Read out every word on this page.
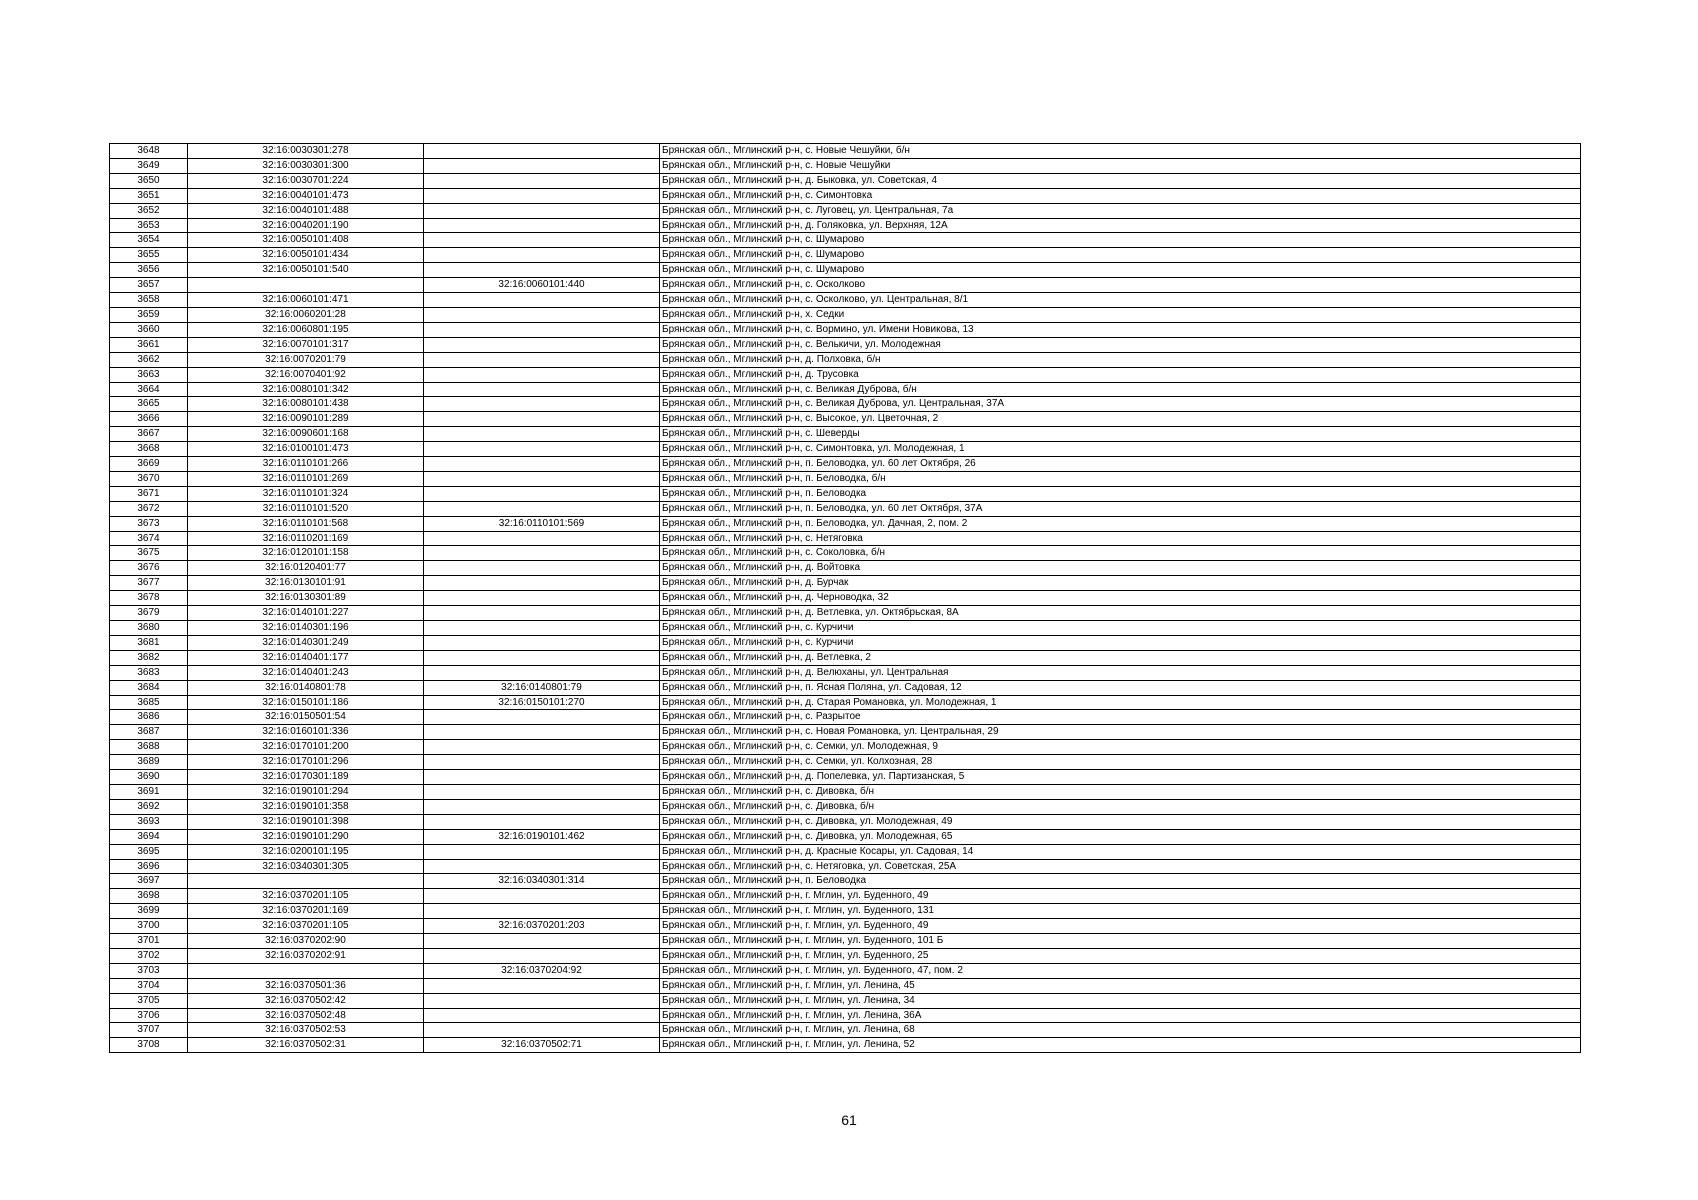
3648	32:16:0030301:278		Брянская обл., Мглинский р-н, с. Новые Чешуйки, б/н
3649	32:16:0030301:300		Брянская обл., Мглинский р-н, с. Новые Чешуйки
3650	32:16:0030701:224		Брянская обл., Мглинский р-н, д. Быковка, ул. Советская, 4
3651	32:16:0040101:473		Брянская обл., Мглинский р-н, с. Симонтовка
3652	32:16:0040101:488		Брянская обл., Мглинский р-н, с. Луговец, ул. Центральная, 7а
3653	32:16:0040201:190		Брянская обл., Мглинский р-н, д. Голяковка, ул. Верхняя, 12А
3654	32:16:0050101:408		Брянская обл., Мглинский р-н, с. Шумарово
3655	32:16:0050101:434		Брянская обл., Мглинский р-н, с. Шумарово
3656	32:16:0050101:540		Брянская обл., Мглинский р-н, с. Шумарово
3657		32:16:0060101:440	Брянская обл., Мглинский р-н, с. Осколково
3658	32:16:0060101:471		Брянская обл., Мглинский р-н, с. Осколково, ул. Центральная, 8/1
3659	32:16:0060201:28		Брянская обл., Мглинский р-н, х. Седки
3660	32:16:0060801:195		Брянская обл., Мглинский р-н, с. Вормино, ул. Имени Новикова, 13
3661	32:16:0070101:317		Брянская обл., Мглинский р-н, с. Велькичи, ул. Молодежная
3662	32:16:0070201:79		Брянская обл., Мглинский р-н, д. Полховка, б/н
3663	32:16:0070401:92		Брянская обл., Мглинский р-н, д. Трусовка
3664	32:16:0080101:342		Брянская обл., Мглинский р-н, с. Великая Дуброва, б/н
3665	32:16:0080101:438		Брянская обл., Мглинский р-н, с. Великая Дуброва, ул. Центральная, 37А
3666	32:16:0090101:289		Брянская обл., Мглинский р-н, с. Высокое, ул. Цветочная, 2
3667	32:16:0090601:168		Брянская обл., Мглинский р-н, с. Шеверды
3668	32:16:0100101:473		Брянская обл., Мглинский р-н, с. Симонтовка, ул. Молодежная, 1
3669	32:16:0110101:266		Брянская обл., Мглинский р-н, п. Беловодка, ул. 60 лет Октября, 26
3670	32:16:0110101:269		Брянская обл., Мглинский р-н, п. Беловодка, б/н
3671	32:16:0110101:324		Брянская обл., Мглинский р-н, п. Беловодка
3672	32:16:0110101:520		Брянская обл., Мглинский р-н, п. Беловодка, ул. 60 лет Октября, 37А
3673	32:16:0110101:568	32:16:0110101:569	Брянская обл., Мглинский р-н, п. Беловодка, ул. Дачная, 2, пом. 2
3674	32:16:0110201:169		Брянская обл., Мглинский р-н, с. Нетяговка
3675	32:16:0120101:158		Брянская обл., Мглинский р-н, с. Соколовка, б/н
3676	32:16:0120401:77		Брянская обл., Мглинский р-н, д. Войтовка
3677	32:16:0130101:91		Брянская обл., Мглинский р-н, д. Бурчак
3678	32:16:0130301:89		Брянская обл., Мглинский р-н, д. Черноводка, 32
3679	32:16:0140101:227		Брянская обл., Мглинский р-н, д. Ветлевка, ул. Октябрьская, 8А
3680	32:16:0140301:196		Брянская обл., Мглинский р-н, с. Курчичи
3681	32:16:0140301:249		Брянская обл., Мглинский р-н, с. Курчичи
3682	32:16:0140401:177		Брянская обл., Мглинский р-н, д. Ветлевка, 2
3683	32:16:0140401:243		Брянская обл., Мглинский р-н, д. Велюханы, ул. Центральная
3684	32:16:0140801:78	32:16:0140801:79	Брянская обл., Мглинский р-н, п. Ясная Поляна, ул. Садовая, 12
3685	32:16:0150101:186	32:16:0150101:270	Брянская обл., Мглинский р-н, д. Старая Романовка, ул. Молодежная, 1
3686	32:16:0150501:54		Брянская обл., Мглинский р-н, с. Разрытое
3687	32:16:0160101:336		Брянская обл., Мглинский р-н, с. Новая Романовка, ул. Центральная, 29
3688	32:16:0170101:200		Брянская обл., Мглинский р-н, с. Семки, ул. Молодежная, 9
3689	32:16:0170101:296		Брянская обл., Мглинский р-н, с. Семки, ул. Колхозная, 28
3690	32:16:0170301:189		Брянская обл., Мглинский р-н, д. Попелевка, ул. Партизанская, 5
3691	32:16:0190101:294		Брянская обл., Мглинский р-н, с. Дивовка, б/н
3692	32:16:0190101:358		Брянская обл., Мглинский р-н, с. Дивовка, б/н
3693	32:16:0190101:398		Брянская обл., Мглинский р-н, с. Дивовка, ул. Молодежная, 49
3694	32:16:0190101:290	32:16:0190101:462	Брянская обл., Мглинский р-н, с. Дивовка, ул. Молодежная, 65
3695	32:16:0200101:195		Брянская обл., Мглинский р-н, д. Красные Косары, ул. Садовая, 14
3696	32:16:0340301:305		Брянская обл., Мглинский р-н, с. Нетяговка, ул. Советская, 25А
3697		32:16:0340301:314	Брянская обл., Мглинский р-н, п. Беловодка
3698	32:16:0370201:105		Брянская обл., Мглинский р-н, г. Мглин, ул. Буденного, 49
3699	32:16:0370201:169		Брянская обл., Мглинский р-н, г. Мглин, ул. Буденного, 131
3700	32:16:0370201:105	32:16:0370201:203	Брянская обл., Мглинский р-н, г. Мглин, ул. Буденного, 49
3701	32:16:0370202:90		Брянская обл., Мглинский р-н, г. Мглин, ул. Буденного, 101 Б
3702	32:16:0370202:91		Брянская обл., Мглинский р-н, г. Мглин, ул. Буденного, 25
3703		32:16:0370204:92	Брянская обл., Мглинский р-н, г. Мглин, ул. Буденного, 47, пом. 2
3704	32:16:0370501:36		Брянская обл., Мглинский р-н, г. Мглин, ул. Ленина, 45
3705	32:16:0370502:42		Брянская обл., Мглинский р-н, г. Мглин, ул. Ленина, 34
3706	32:16:0370502:48		Брянская обл., Мглинский р-н, г. Мглин, ул. Ленина, 36А
3707	32:16:0370502:53		Брянская обл., Мглинский р-н, г. Мглин, ул. Ленина, 68
3708	32:16:0370502:31	32:16:0370502:71	Брянская обл., Мглинский р-н, г. Мглин, ул. Ленина, 52
61
